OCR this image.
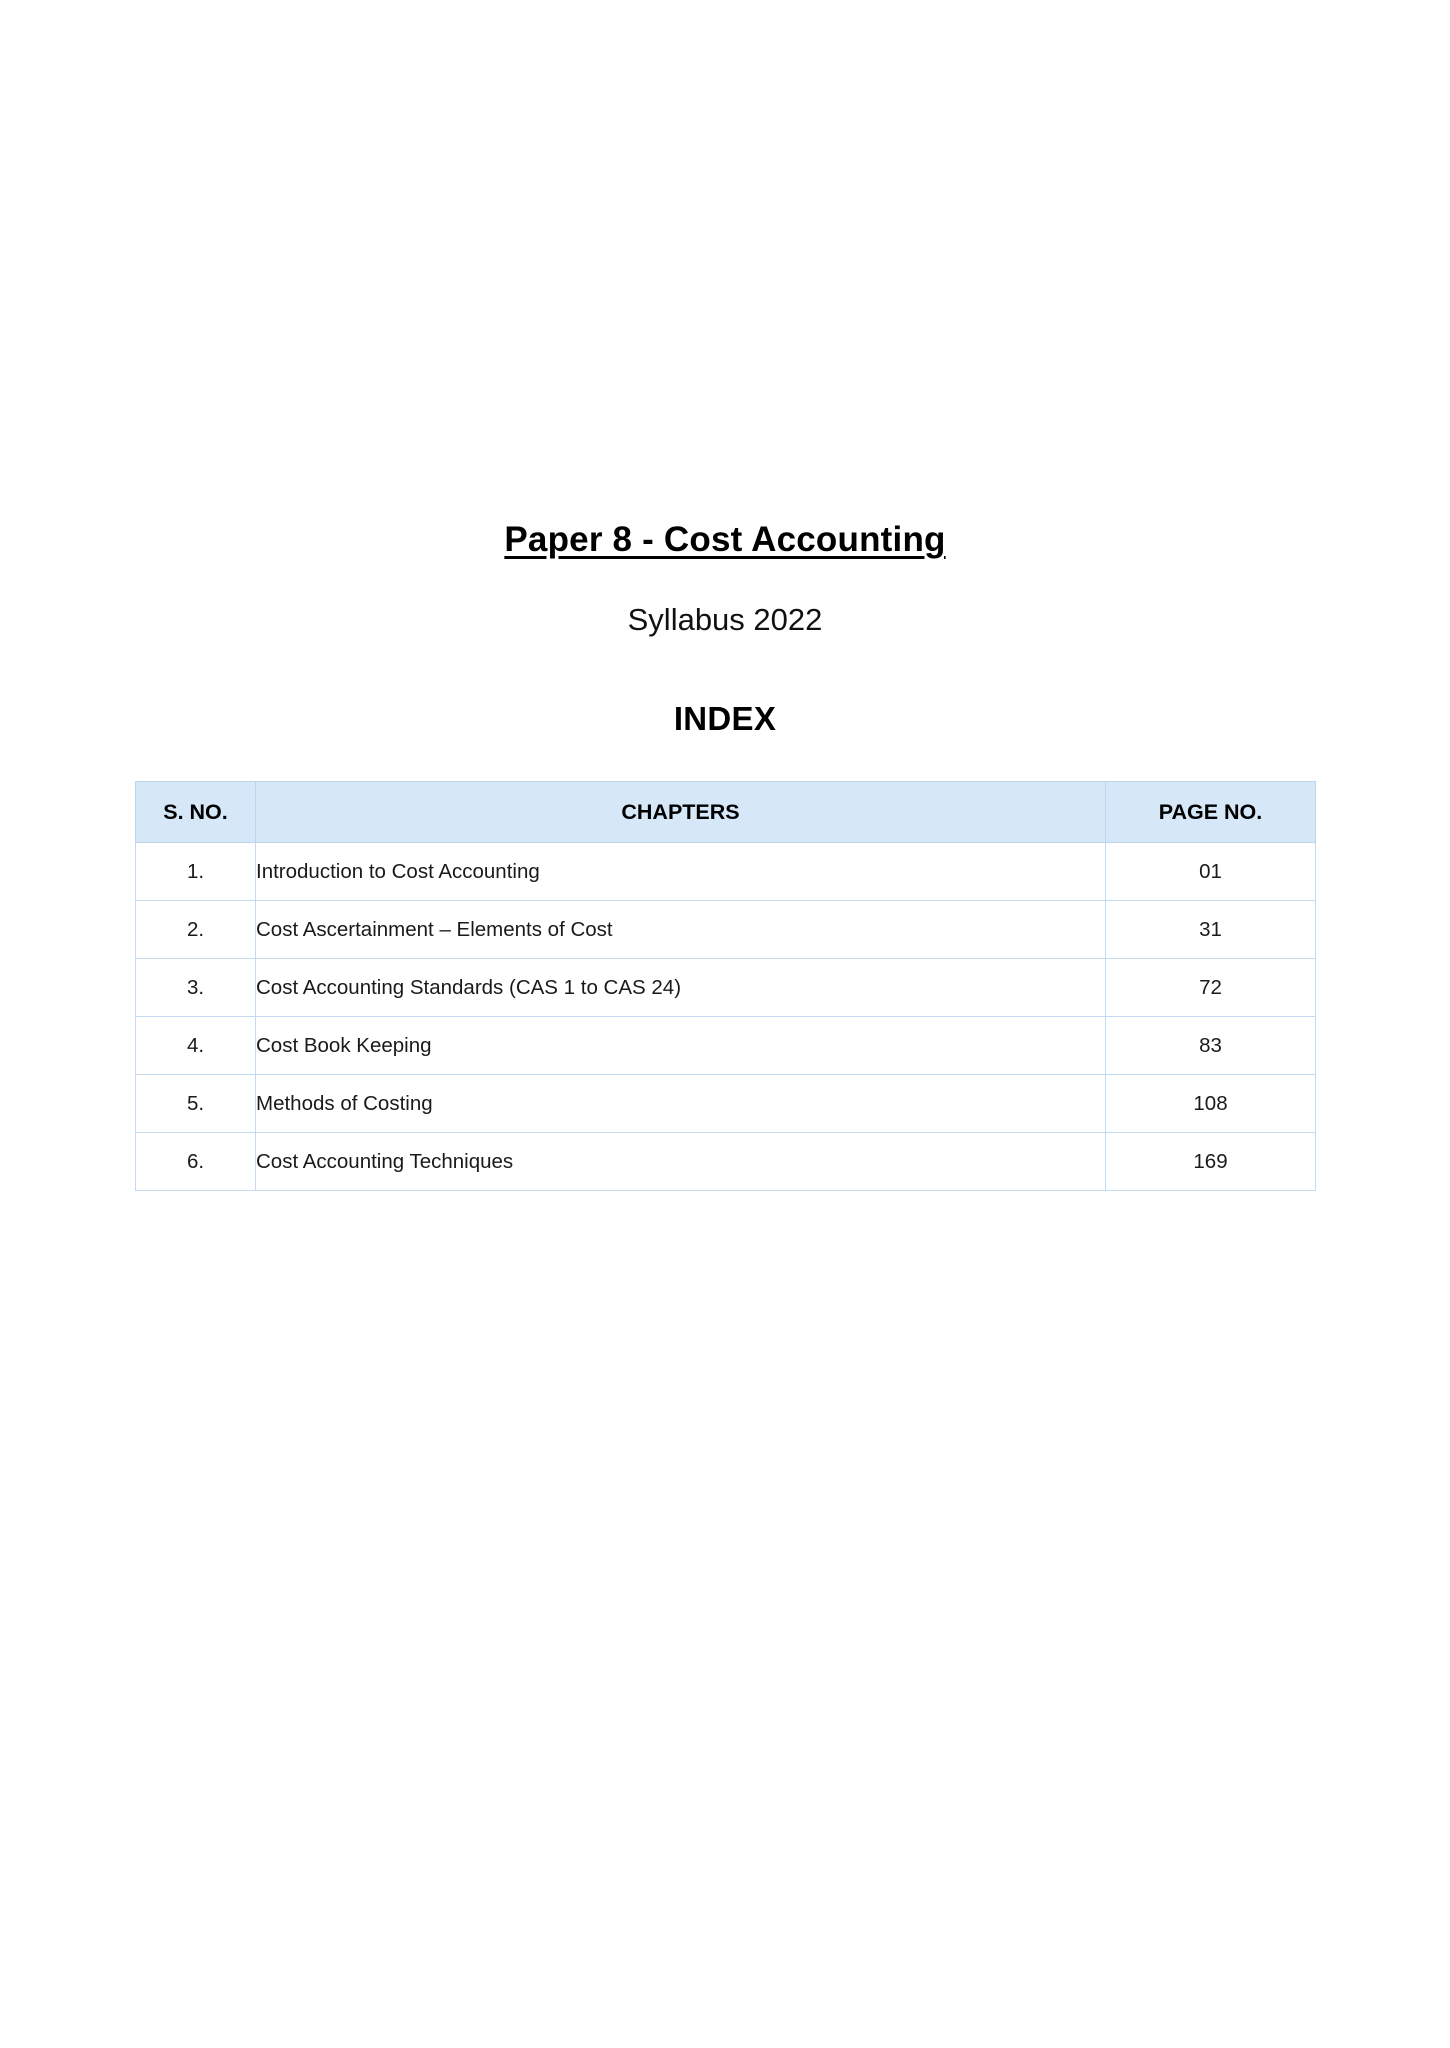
Paper 8 - Cost Accounting
Syllabus 2022
INDEX
S. NO.	CHAPTERS	PAGE NO.
1.	Introduction to Cost Accounting	01
2.	Cost Ascertainment – Elements of Cost	31
3.	Cost Accounting Standards (CAS 1 to CAS 24)	72
4.	Cost Book Keeping	83
5.	Methods of Costing	108
6.	Cost Accounting Techniques	169
